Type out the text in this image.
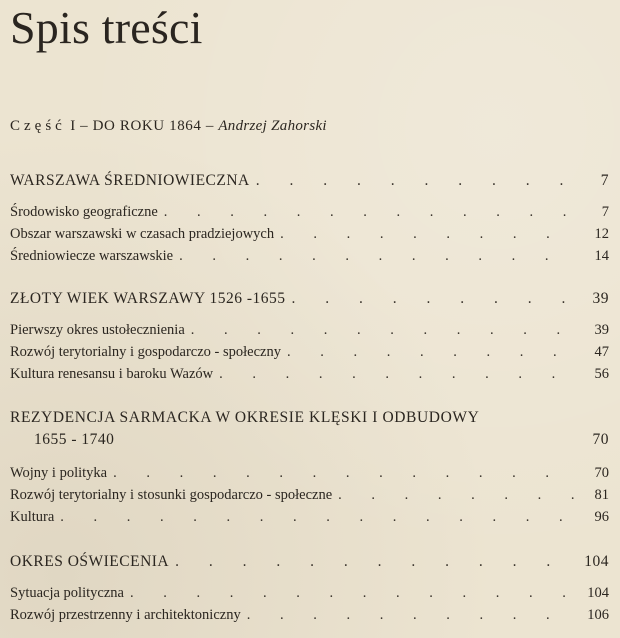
Spis treści
Część I – DO ROKU 1864 – Andrzej Zahorski
WARSZAWA ŚREDNIOWIECZNA . . .	7
Środowisko geograficzne . . .	7
Obszar warszawski w czasach pradziejowych . . .	12
Średniowiecze warszawskie . . .	14
ZŁOTY WIEK WARSZAWY 1526 -1655 . . .	39
Pierwszy okres ustołecznienia . . .	39
Rozwój terytorialny i gospodarczo - społeczny . . .	47
Kultura renesansu i baroku Wazów . . .	56
REZYDENCJA SARMACKA W OKRESIE KLĘSKI I ODBUDOWY
1655 - 1740	70
Wojny i polityka . . .	70
Rozwój terytorialny i stosunki gospodarczo - społeczne . . .	81
Kultura . . .	96
OKRES OŚWIECENIA . . .	104
Sytuacja polityczna . . .	104
Rozwój przestrzenny i architektoniczny . . .	106
